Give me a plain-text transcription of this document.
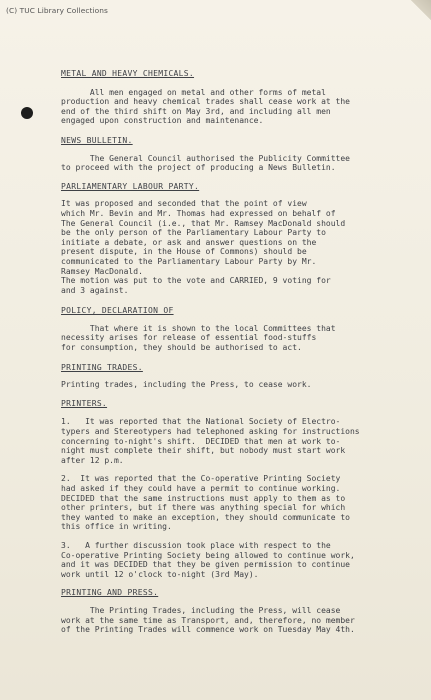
(C) TUC Library Collections
METAL AND HEAVY CHEMICALS.

All men engaged on metal and other forms of metal
production and heavy chemical trades shall cease work at the
end of the third shift on May 3rd, and including all men
engaged upon construction and maintenance.

NEWS BULLETIN.

The General Council authorised the Publicity Committee
to proceed with the project of producing a News Bulletin.

PARLIAMENTARY LABOUR PARTY.

It was proposed and seconded that the point of view
which Mr. Bevin and Mr. Thomas had expressed on behalf of
The General Council (i.e., that Mr. Ramsey MacDonald should
be the only person of the Parliamentary Labour Party to
initiate a debate, or ask and answer questions on the
present dispute, in the House of Commons) should be
communicated to the Parliamentary Labour Party by Mr.
Ramsey MacDonald.
The motion was put to the vote and CARRIED, 9 voting for
and 3 against.

POLICY, DECLARATION OF

That where it is shown to the local Committees that
necessity arises for release of essential food-stuffs
for consumption, they should be authorised to act.

PRINTING TRADES.

Printing trades, including the Press, to cease work.

PRINTERS.

1.   It was reported that the National Society of Electro-
typers and Stereotypers had telephoned asking for instructions
concerning to-night's shift.  DECIDED that men at work to-
night must complete their shift, but nobody must start work
after 12 p.m.

2.  It was reported that the Co-operative Printing Society
had asked if they could have a permit to continue working.
DECIDED that the same instructions must apply to them as to
other printers, but if there was anything special for which
they wanted to make an exception, they should communicate to
this office in writing.

3.   A further discussion took place with respect to the
Co-operative Printing Society being allowed to continue work,
and it was DECIDED that they be given permission to continue
work until 12 o'clock to-night (3rd May).

PRINTING AND PRESS.

The Printing Trades, including the Press, will cease
work at the same time as Transport, and, therefore, no member
of the Printing Trades will commence work on Tuesday May 4th.
